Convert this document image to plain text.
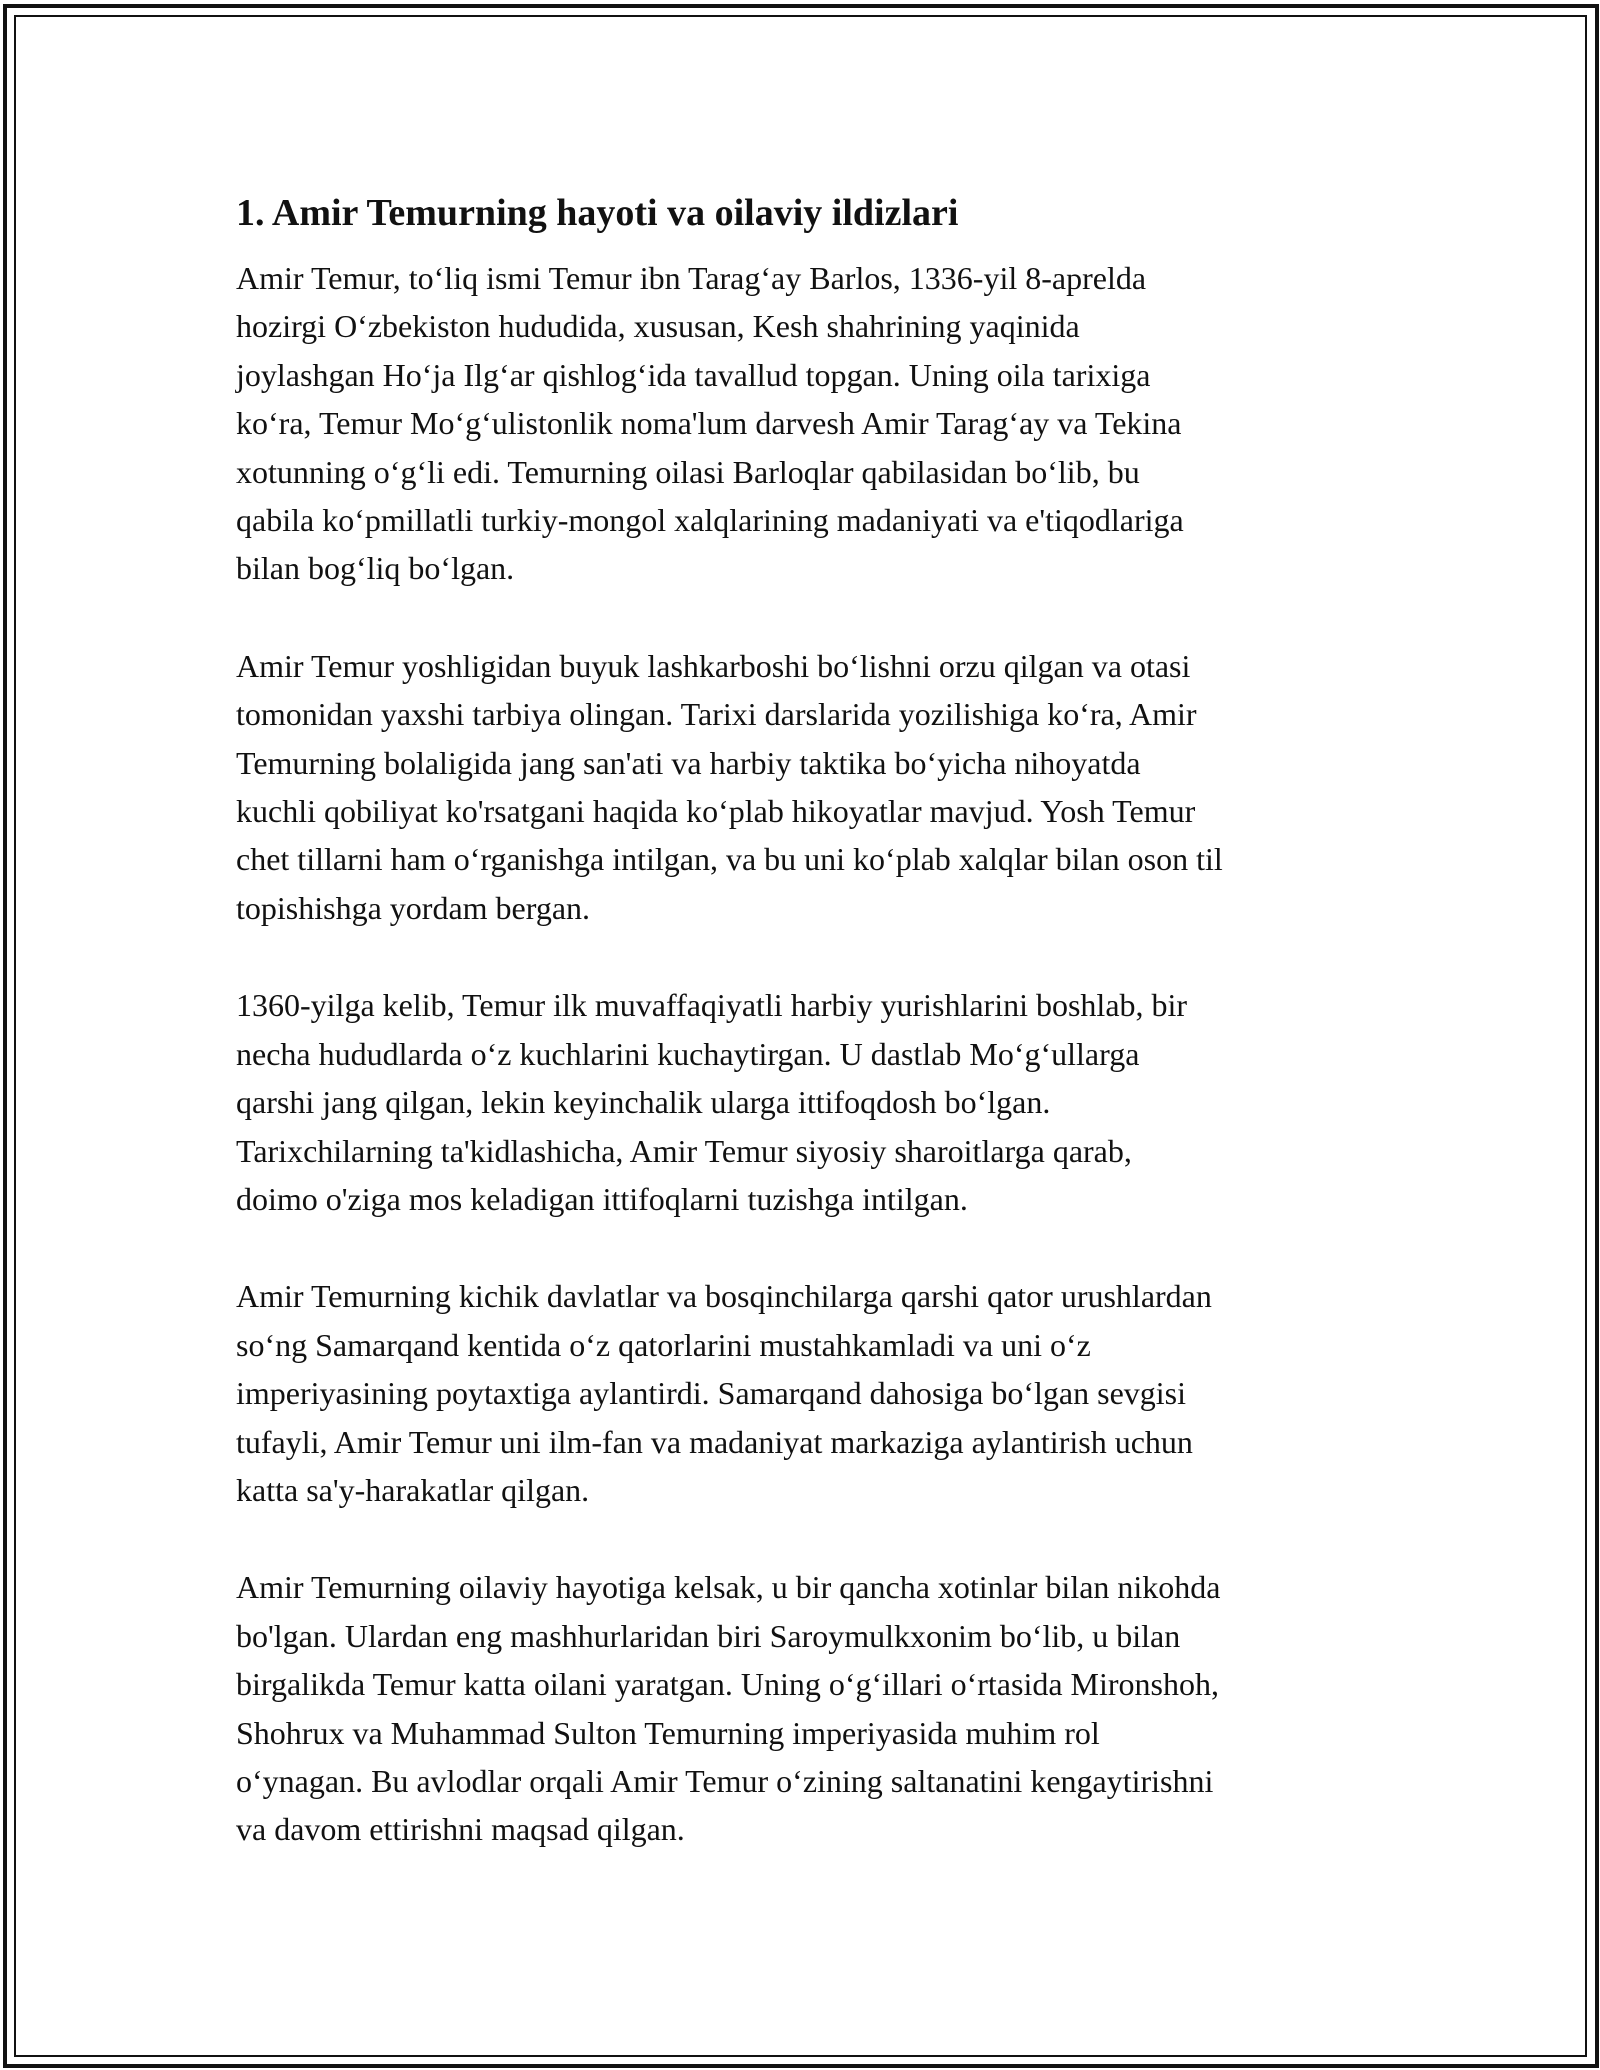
1. Amir Temurning hayoti va oilaviy ildizlari

Amir Temur, to‘liq ismi Temur ibn Tarag‘ay Barlos, 1336-yil 8-aprelda
hozirgi O‘zbekiston hududida, xususan, Kesh shahrining yaqinida
joylashgan Ho‘ja Ilg‘ar qishlog‘ida tavallud topgan. Uning oila tarixiga
ko‘ra, Temur Mo‘g‘ulistonlik noma'lum darvesh Amir Tarag‘ay va Tekina
xotunning o‘g‘li edi. Temurning oilasi Barloqlar qabilasidan bo‘lib, bu
qabila ko‘pmillatli turkiy-mongol xalqlarining madaniyati va e'tiqodlariga
bilan bog‘liq bo‘lgan.

Amir Temur yoshligidan buyuk lashkarboshi bo‘lishni orzu qilgan va otasi
tomonidan yaxshi tarbiya olingan. Tarixi darslarida yozilishiga ko‘ra, Amir
Temurning bolaligida jang san'ati va harbiy taktika bo‘yicha nihoyatda
kuchli qobiliyat ko'rsatgani haqida ko‘plab hikoyatlar mavjud. Yosh Temur
chet tillarni ham o‘rganishga intilgan, va bu uni ko‘plab xalqlar bilan oson til
topishishga yordam bergan.

1360-yilga kelib, Temur ilk muvaffaqiyatli harbiy yurishlarini boshlab, bir
necha hududlarda o‘z kuchlarini kuchaytirgan. U dastlab Mo‘g‘ullarga
qarshi jang qilgan, lekin keyinchalik ularga ittifoqdosh bo‘lgan.
Tarixchilarning ta'kidlashicha, Amir Temur siyosiy sharoitlarga qarab,
doimo o'ziga mos keladigan ittifoqlarni tuzishga intilgan.

Amir Temurning kichik davlatlar va bosqinchilarga qarshi qator urushlardan
so‘ng Samarqand kentida o‘z qatorlarini mustahkamladi va uni o‘z
imperiyasining poytaxtiga aylantirdi. Samarqand dahosiga bo‘lgan sevgisi
tufayli, Amir Temur uni ilm-fan va madaniyat markaziga aylantirish uchun
katta sa'y-harakatlar qilgan.

Amir Temurning oilaviy hayotiga kelsak, u bir qancha xotinlar bilan nikohda
bo'lgan. Ulardan eng mashhurlaridan biri Saroymulkxonim bo‘lib, u bilan
birgalikda Temur katta oilani yaratgan. Uning o‘g‘illari o‘rtasida Mironshoh,
Shohrux va Muhammad Sulton Temurning imperiyasida muhim rol
o‘ynagan. Bu avlodlar orqali Amir Temur o‘zining saltanatini kengaytirishni
va davom ettirishni maqsad qilgan.
